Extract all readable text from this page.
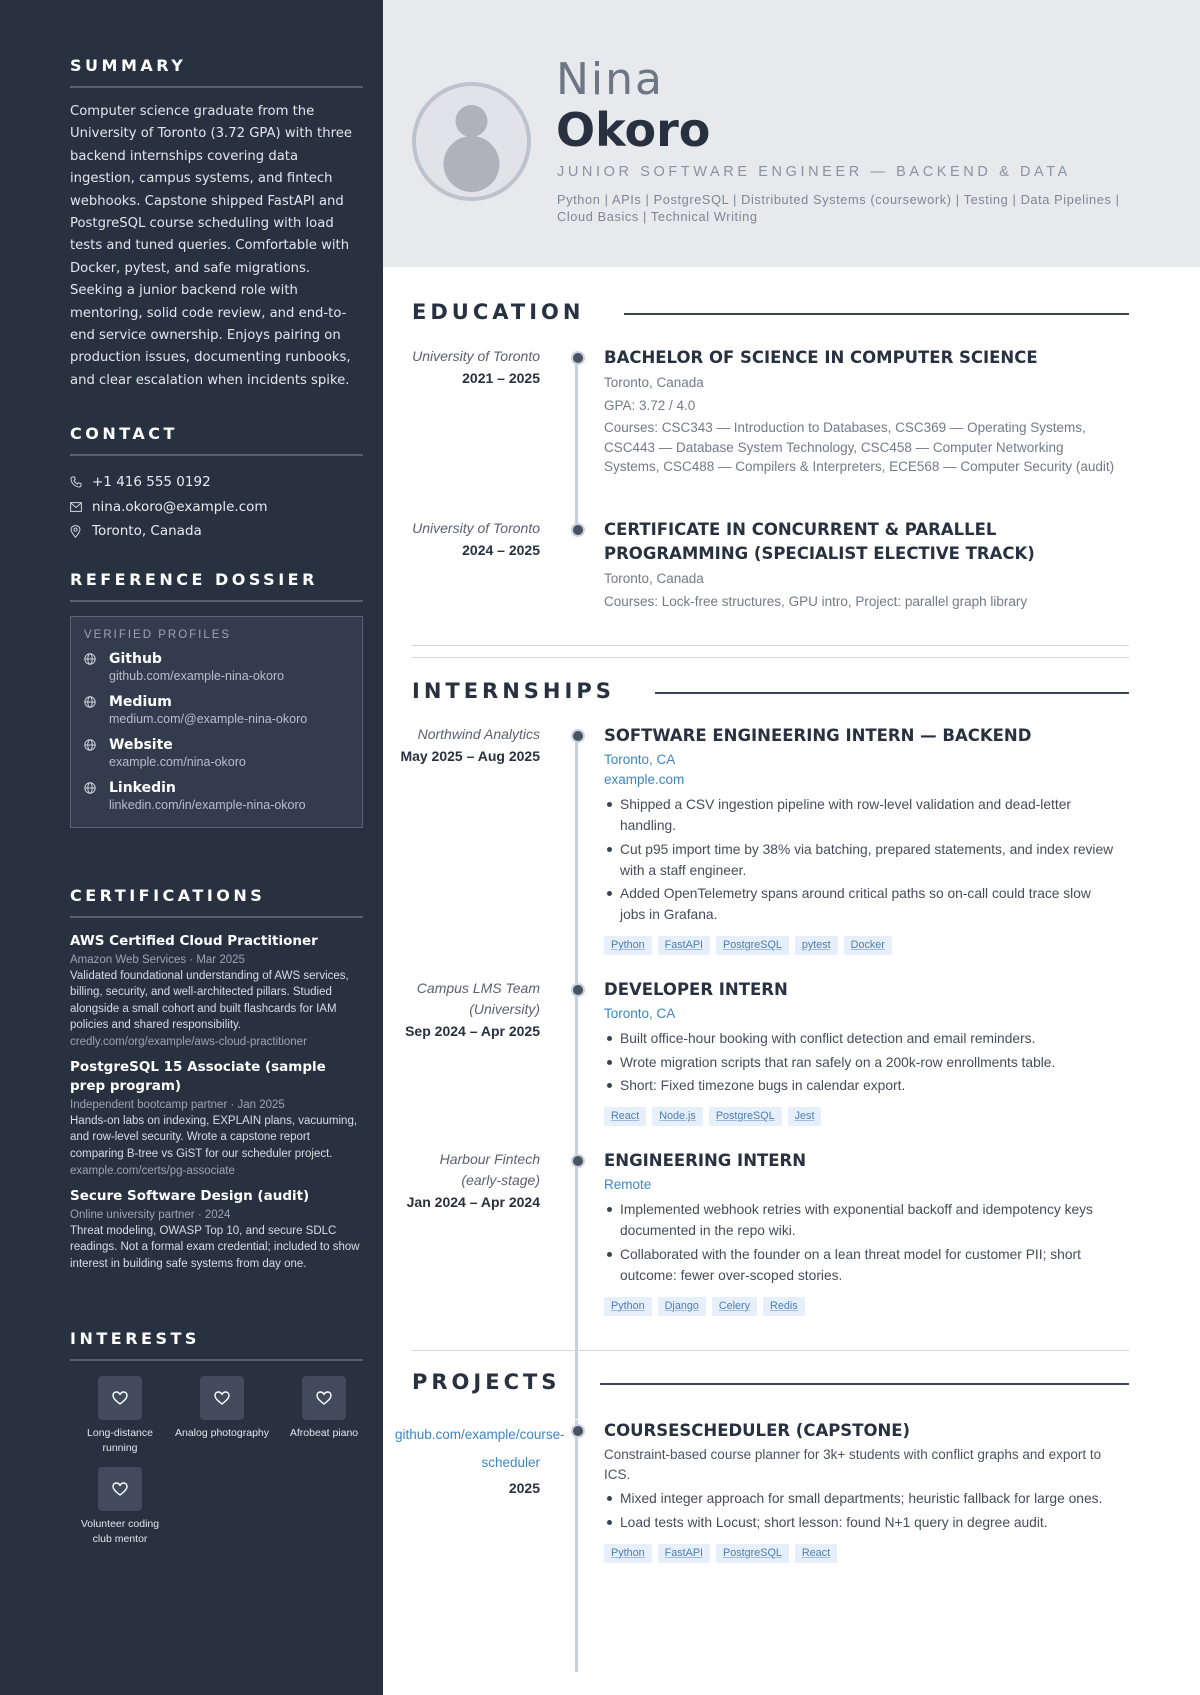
SUMMARY

Computer science graduate from the University of Toronto (3.72 GPA) with three backend internships covering data ingestion, campus systems, and fintech webhooks. Capstone shipped FastAPI and PostgreSQL course scheduling with load tests and tuned queries. Comfortable with Docker, pytest, and safe migrations. Seeking a junior backend role with mentoring, solid code review, and end-to-end service ownership. Enjoys pairing on production issues, documenting runbooks, and clear escalation when incidents spike.

CONTACT
+1 416 555 0192
nina.okoro@example.com
Toronto, Canada
REFERENCE DOSSIER
VERIFIED PROFILES
Github
github.com/example-nina-okoro
Medium
medium.com/@example-nina-okoro
Website
example.com/nina-okoro
Linkedin
linkedin.com/in/example-nina-okoro
CERTIFICATIONS
AWS Certified Cloud Practitioner
Amazon Web Services · Mar 2025
Validated foundational understanding of AWS services, billing, security, and well-architected pillars. Studied alongside a small cohort and built flashcards for IAM policies and shared responsibility.
credly.com/org/example/aws-cloud-practitioner
PostgreSQL 15 Associate (sample prep program)
Independent bootcamp partner · Jan 2025
Hands-on labs on indexing, EXPLAIN plans, vacuuming, and row-level security. Wrote a capstone report comparing B-tree vs GiST for our scheduler project.
example.com/certs/pg-associate
Secure Software Design (audit)
Online university partner · 2024
Threat modeling, OWASP Top 10, and secure SDLC readings. Not a formal exam credential; included to show interest in building safe systems from day one.
INTERESTS
Long-distance running
Analog photography	Afrobeat piano
Volunteer coding club mentor
Nina
Okoro
JUNIOR SOFTWARE ENGINEER — BACKEND & DATA
Python | APIs | PostgreSQL | Distributed Systems (coursework) | Testing | Data Pipelines | Cloud Basics | Technical Writing
EDUCATION
University of Toronto
2021 – 2025
BACHELOR OF SCIENCE IN COMPUTER SCIENCE
Toronto, Canada
GPA: 3.72 / 4.0
Courses: CSC343 — Introduction to Databases, CSC369 — Operating Systems, CSC443 — Database System Technology, CSC458 — Computer Networking Systems, CSC488 — Compilers & Interpreters, ECE568 — Computer Security (audit)
University of Toronto
2024 – 2025
CERTIFICATE IN CONCURRENT & PARALLEL PROGRAMMING (SPECIALIST ELECTIVE TRACK)
Toronto, Canada
Courses: Lock-free structures, GPU intro, Project: parallel graph library
INTERNSHIPS
Northwind Analytics
May 2025 – Aug 2025
SOFTWARE ENGINEERING INTERN — BACKEND
Toronto, CA
example.com
Shipped a CSV ingestion pipeline with row-level validation and dead-letter handling.
Cut p95 import time by 38% via batching, prepared statements, and index review with a staff engineer.
Added OpenTelemetry spans around critical paths so on-call could trace slow jobs in Grafana.
Python	FastAPI	PostgreSQL	pytest	Docker
Campus LMS Team (University)
Sep 2024 – Apr 2025
DEVELOPER INTERN
Toronto, CA
Built office-hour booking with conflict detection and email reminders.
Wrote migration scripts that ran safely on a 200k-row enrollments table.
Short: Fixed timezone bugs in calendar export.
React	Node.js	PostgreSQL	Jest
Harbour Fintech (early-stage)
Jan 2024 – Apr 2024
ENGINEERING INTERN
Remote
Implemented webhook retries with exponential backoff and idempotency keys documented in the repo wiki.
Collaborated with the founder on a lean threat model for customer PII; short outcome: fewer over-scoped stories.
Python	Django	Celery	Redis
PROJECTS
github.com/example/course-scheduler
2025
COURSESCHEDULER (CAPSTONE)
Constraint-based course planner for 3k+ students with conflict graphs and export to ICS.
Mixed integer approach for small departments; heuristic fallback for large ones.
Load tests with Locust; short lesson: found N+1 query in degree audit.
Python	FastAPI	PostgreSQL	React
